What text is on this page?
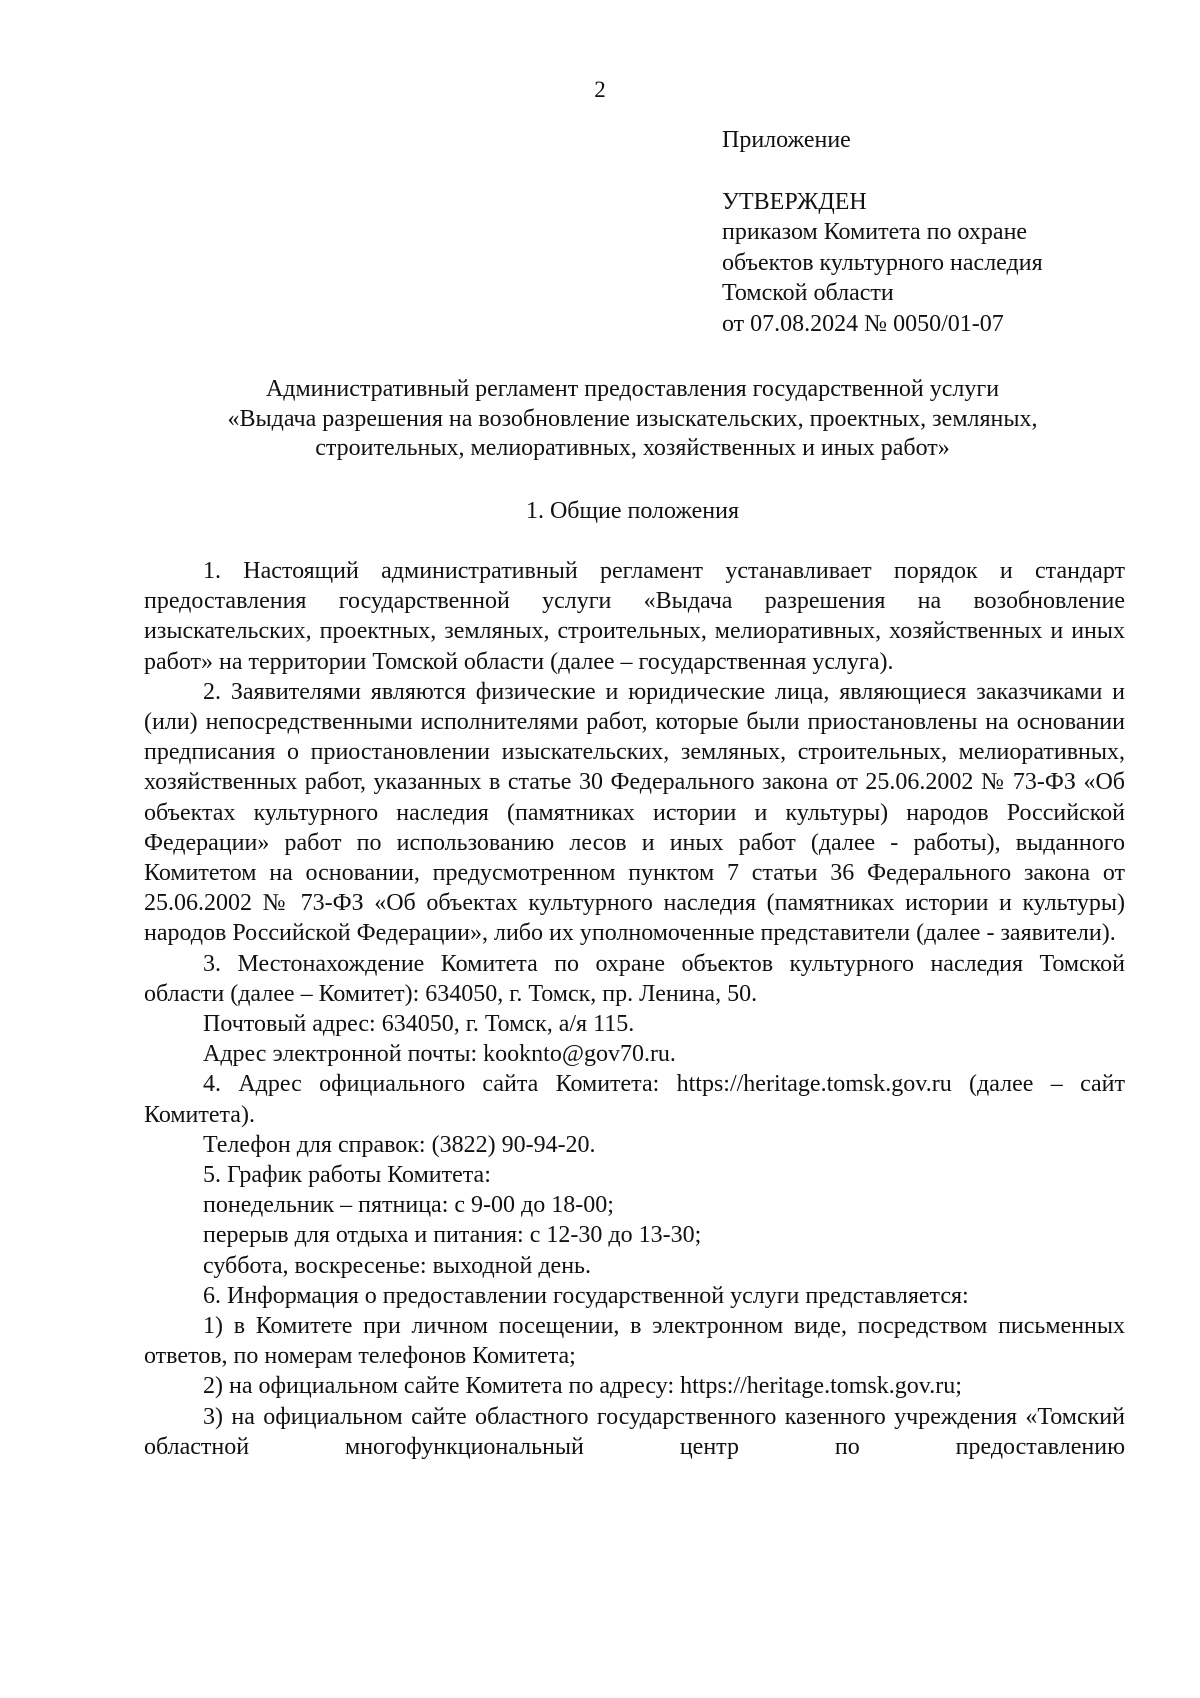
2
Приложение
УТВЕРЖДЕН
приказом Комитета по охране
объектов культурного наследия
Томской области
от 07.08.2024 № 0050/01-07
Административный регламент предоставления государственной услуги
«Выдача разрешения на возобновление изыскательских, проектных, земляных,
строительных, мелиоративных, хозяйственных и иных работ»
1. Общие положения

1. Настоящий административный регламент устанавливает порядок и стандарт предоставления государственной услуги «Выдача разрешения на возобновление изыскательских, проектных, земляных, строительных, мелиоративных, хозяйственных и иных работ» на территории Томской области (далее – государственная услуга).

2. Заявителями являются физические и юридические лица, являющиеся заказчиками и (или) непосредственными исполнителями работ, которые были приостановлены на основании предписания о приостановлении изыскательских, земляных, строительных, мелиоративных, хозяйственных работ, указанных в статье 30 Федерального закона от 25.06.2002 № 73-ФЗ «Об объектах культурного наследия (памятниках истории и культуры) народов Российской Федерации» работ по использованию лесов и иных работ (далее - работы), выданного Комитетом на основании, предусмотренном пунктом 7 статьи 36 Федерального закона от 25.06.2002 № 73-ФЗ «Об объектах культурного наследия (памятниках истории и культуры) народов Российской Федерации», либо их уполномоченные представители (далее - заявители).

3. Местонахождение Комитета по охране объектов культурного наследия Томской области (далее – Комитет): 634050, г. Томск, пр. Ленина, 50.

Почтовый адрес: 634050, г. Томск, а/я 115.

Адрес электронной почты: kookntо@gov70.ru.

4. Адрес официального сайта Комитета: https://heritage.tomsk.gov.ru (далее – сайт Комитета).

Телефон для справок: (3822) 90-94-20.

5. График работы Комитета:

понедельник – пятница: с 9-00 до 18-00;

перерыв для отдыха и питания: с 12-30 до 13-30;

суббота, воскресенье: выходной день.

6. Информация о предоставлении государственной услуги представляется:

1) в Комитете при личном посещении, в электронном виде, посредством письменных ответов, по номерам телефонов Комитета;

2) на официальном сайте Комитета по адресу: https://heritage.tomsk.gov.ru;

3) на официальном сайте областного государственного казенного учреждения «Томский областной многофункциональный центр по предоставлению
